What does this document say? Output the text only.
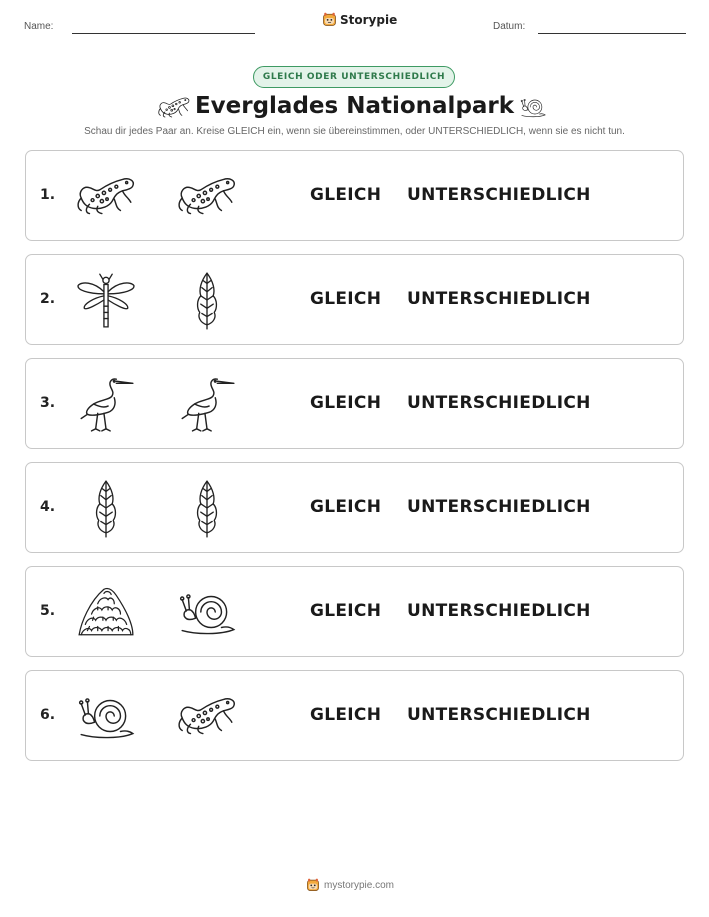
Name:	Storypie	Datum:
GLEICH ODER UNTERSCHIEDLICH
Everglades Nationalpark
Schau dir jedes Paar an. Kreise GLEICH ein, wenn sie übereinstimmen, oder UNTERSCHIEDLICH, wenn sie es nicht tun.
1.	GLEICH UNTERSCHIEDLICH
2.	GLEICH UNTERSCHIEDLICH
3.	GLEICH UNTERSCHIEDLICH
4.	GLEICH UNTERSCHIEDLICH
5.	GLEICH UNTERSCHIEDLICH
6.	GLEICH UNTERSCHIEDLICH
mystorypie.com
